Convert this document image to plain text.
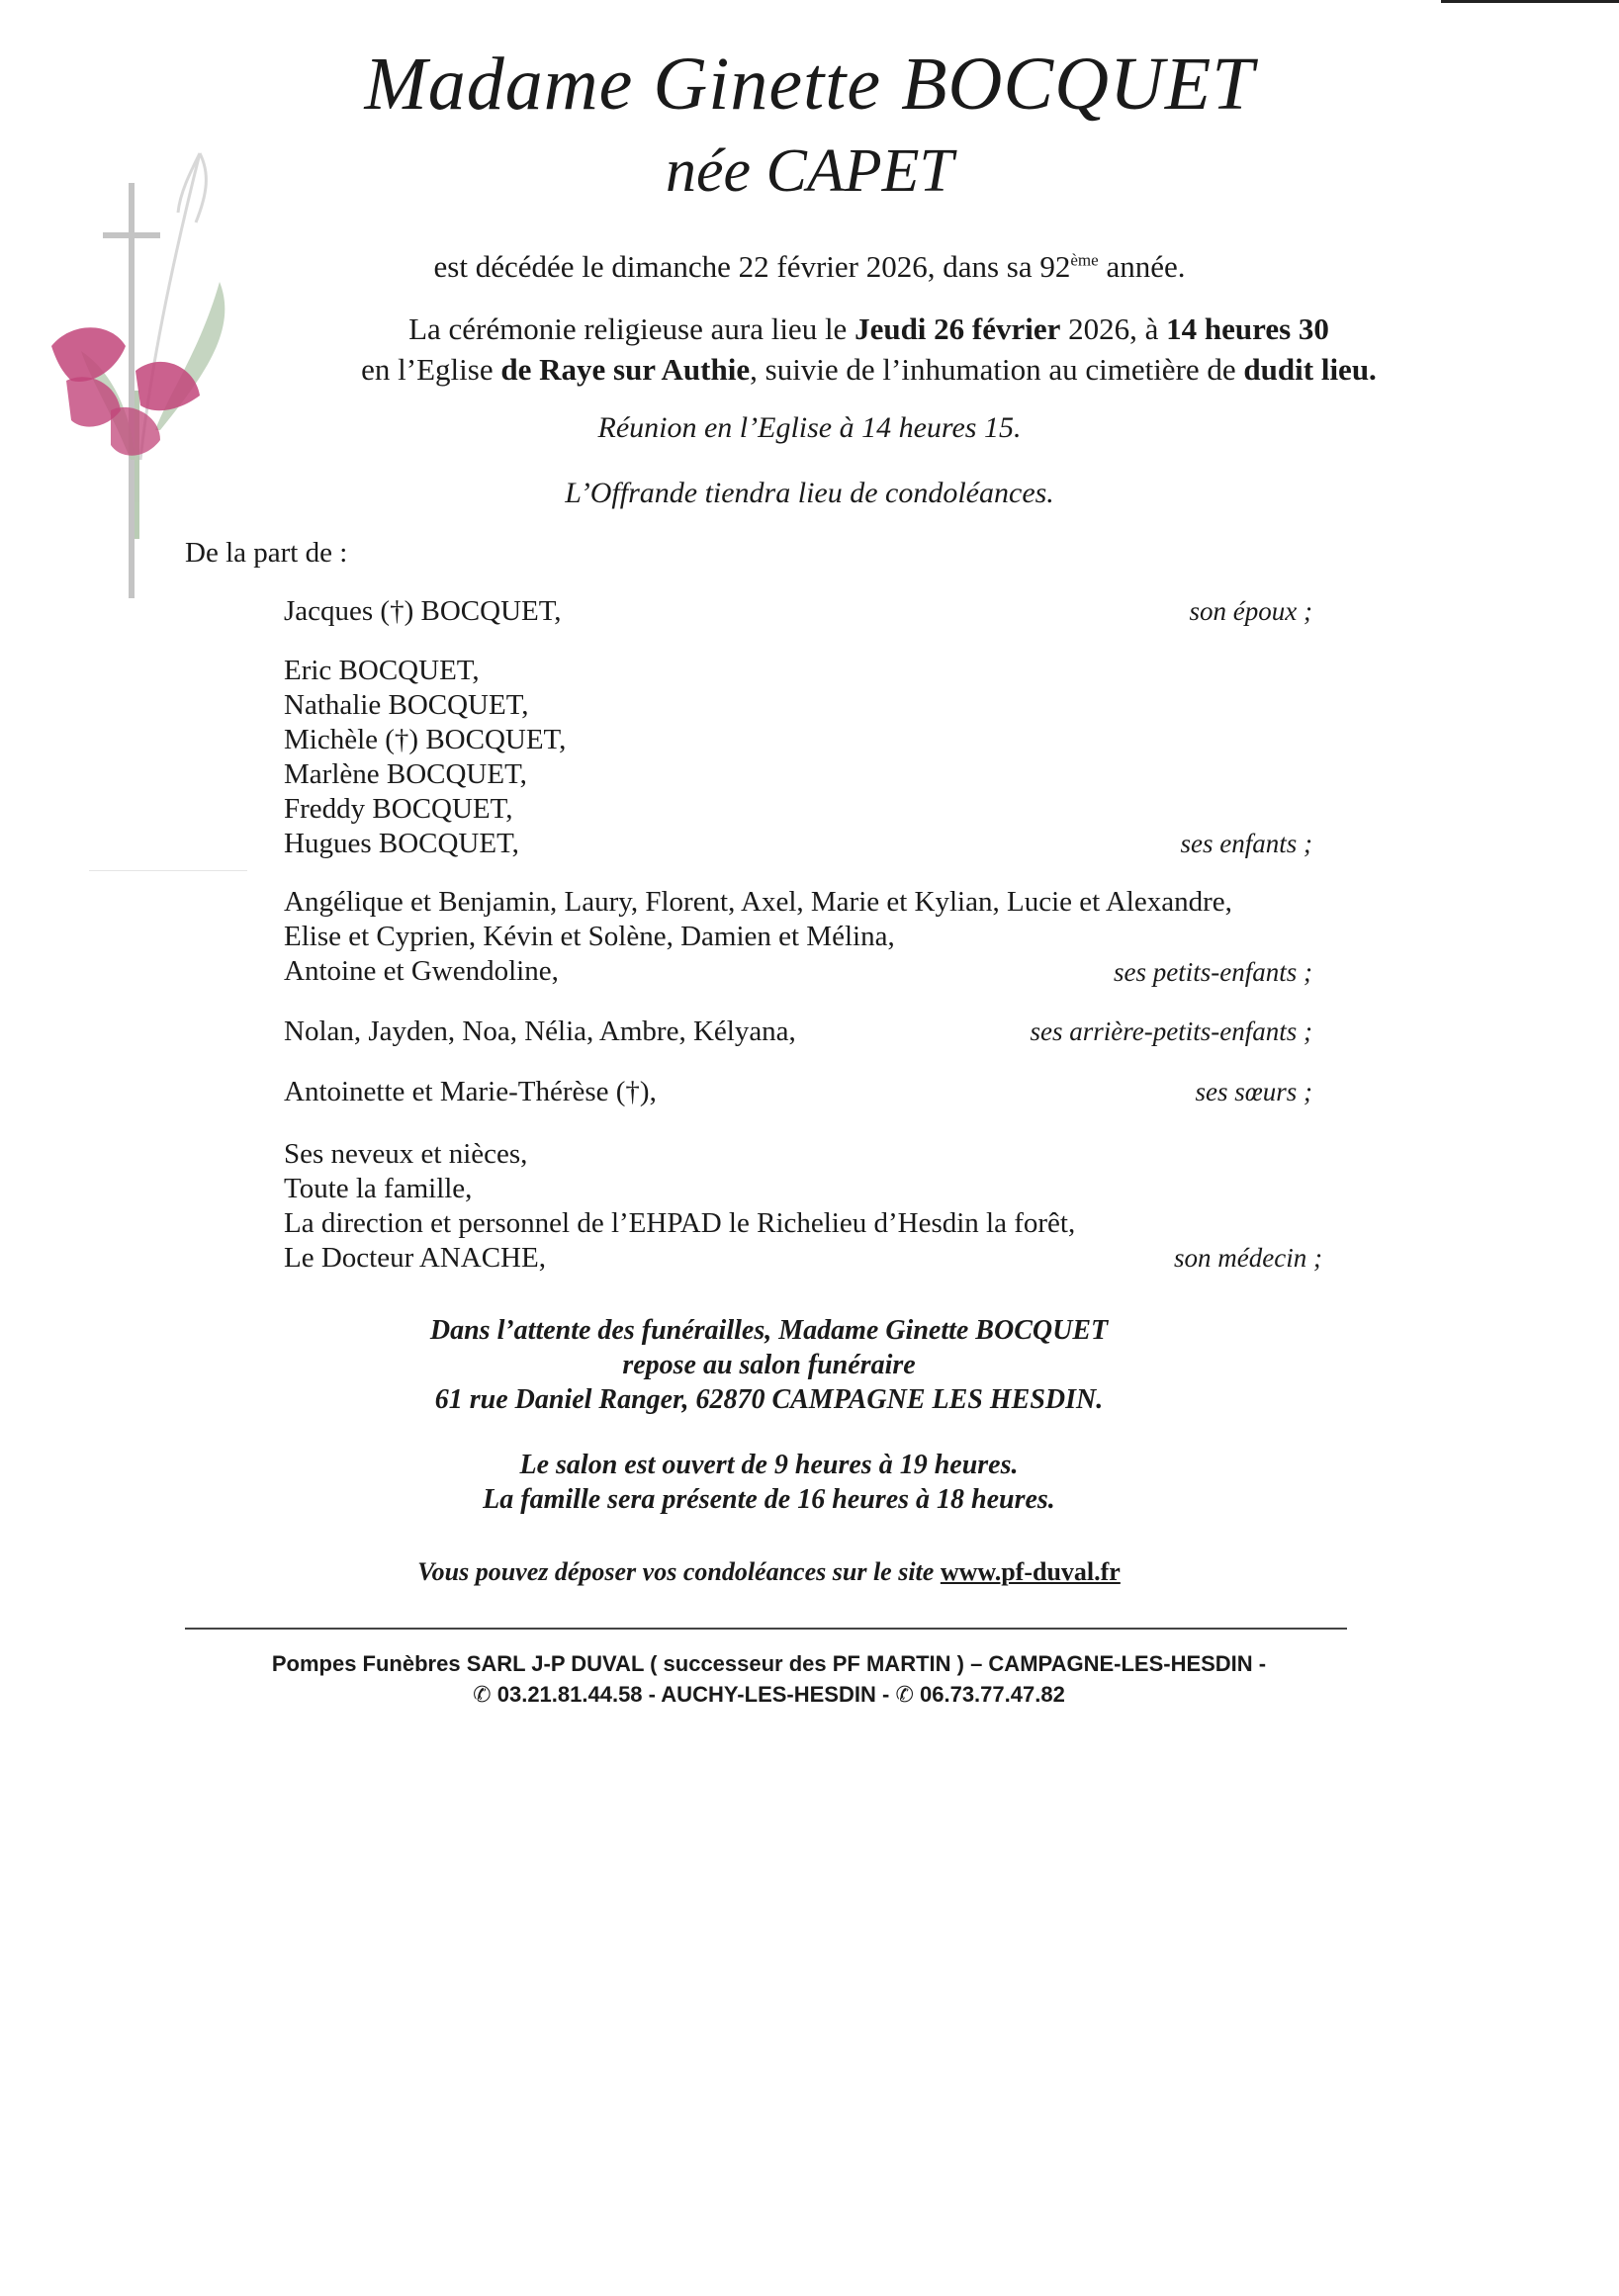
Madame Ginette BOCQUET
née CAPET
est décédée le dimanche 22 février 2026, dans sa 92ème année.
La cérémonie religieuse aura lieu le Jeudi 26 février 2026, à 14 heures 30
en l’Eglise de Raye sur Authie, suivie de l’inhumation au cimetière de dudit lieu.
Réunion en l’Eglise à 14 heures 15.
L’Offrande tiendra lieu de condoléances.
De la part de :
Jacques (†) BOCQUET,	son époux ;
Eric BOCQUET,
Nathalie BOCQUET,
Michèle (†) BOCQUET,
Marlène BOCQUET,
Freddy BOCQUET,
Hugues BOCQUET,	ses enfants ;
Angélique et Benjamin, Laury, Florent, Axel, Marie et Kylian, Lucie et Alexandre,
Elise et Cyprien, Kévin et Solène, Damien et Mélina,
Antoine et Gwendoline,	ses petits-enfants ;
Nolan, Jayden, Noa, Nélia, Ambre, Kélyana,	ses arrière-petits-enfants ;
Antoinette et Marie-Thérèse (†),	ses sœurs ;
Ses neveux et nièces,
Toute la famille,
La direction et personnel de l’EHPAD le Richelieu d’Hesdin la forêt,
Le Docteur ANACHE,	son médecin ;
Dans l’attente des funérailles, Madame Ginette BOCQUET
repose au salon funéraire
61 rue Daniel Ranger, 62870 CAMPAGNE LES HESDIN.
Le salon est ouvert de 9 heures à 19 heures.
La famille sera présente de 16 heures à 18 heures.
Vous pouvez déposer vos condoléances sur le site www.pf-duval.fr
Pompes Funèbres SARL J-P DUVAL ( successeur des PF MARTIN ) – CAMPAGNE-LES-HESDIN -
✆ 03.21.81.44.58 - AUCHY-LES-HESDIN - ✆ 06.73.77.47.82
